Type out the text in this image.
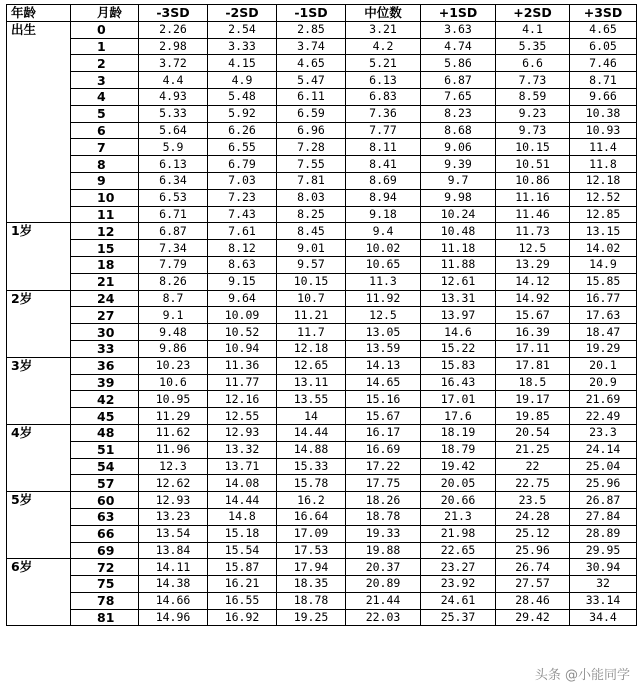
年龄	月龄	-3SD	-2SD	-1SD	中位数	+1SD	+2SD	+3SD
出生	0	2.26	2.54	2.85	3.21	3.63	4.1	4.65
	1	2.98	3.33	3.74	4.2	4.74	5.35	6.05
	2	3.72	4.15	4.65	5.21	5.86	6.6	7.46
	3	4.4	4.9	5.47	6.13	6.87	7.73	8.71
	4	4.93	5.48	6.11	6.83	7.65	8.59	9.66
	5	5.33	5.92	6.59	7.36	8.23	9.23	10.38
	6	5.64	6.26	6.96	7.77	8.68	9.73	10.93
	7	5.9	6.55	7.28	8.11	9.06	10.15	11.4
	8	6.13	6.79	7.55	8.41	9.39	10.51	11.8
	9	6.34	7.03	7.81	8.69	9.7	10.86	12.18
	10	6.53	7.23	8.03	8.94	9.98	11.16	12.52
	11	6.71	7.43	8.25	9.18	10.24	11.46	12.85
1岁	12	6.87	7.61	8.45	9.4	10.48	11.73	13.15
	15	7.34	8.12	9.01	10.02	11.18	12.5	14.02
	18	7.79	8.63	9.57	10.65	11.88	13.29	14.9
	21	8.26	9.15	10.15	11.3	12.61	14.12	15.85
2岁	24	8.7	9.64	10.7	11.92	13.31	14.92	16.77
	27	9.1	10.09	11.21	12.5	13.97	15.67	17.63
	30	9.48	10.52	11.7	13.05	14.6	16.39	18.47
	33	9.86	10.94	12.18	13.59	15.22	17.11	19.29
3岁	36	10.23	11.36	12.65	14.13	15.83	17.81	20.1
	39	10.6	11.77	13.11	14.65	16.43	18.5	20.9
	42	10.95	12.16	13.55	15.16	17.01	19.17	21.69
	45	11.29	12.55	14	15.67	17.6	19.85	22.49
4岁	48	11.62	12.93	14.44	16.17	18.19	20.54	23.3
	51	11.96	13.32	14.88	16.69	18.79	21.25	24.14
	54	12.3	13.71	15.33	17.22	19.42	22	25.04
	57	12.62	14.08	15.78	17.75	20.05	22.75	25.96
5岁	60	12.93	14.44	16.2	18.26	20.66	23.5	26.87
	63	13.23	14.8	16.64	18.78	21.3	24.28	27.84
	66	13.54	15.18	17.09	19.33	21.98	25.12	28.89
	69	13.84	15.54	17.53	19.88	22.65	25.96	29.95
6岁	72	14.11	15.87	17.94	20.37	23.27	26.74	30.94
	75	14.38	16.21	18.35	20.89	23.92	27.57	32
	78	14.66	16.55	18.78	21.44	24.61	28.46	33.14
	81	14.96	16.92	19.25	22.03	25.37	29.42	34.4
头条 @小能同学
